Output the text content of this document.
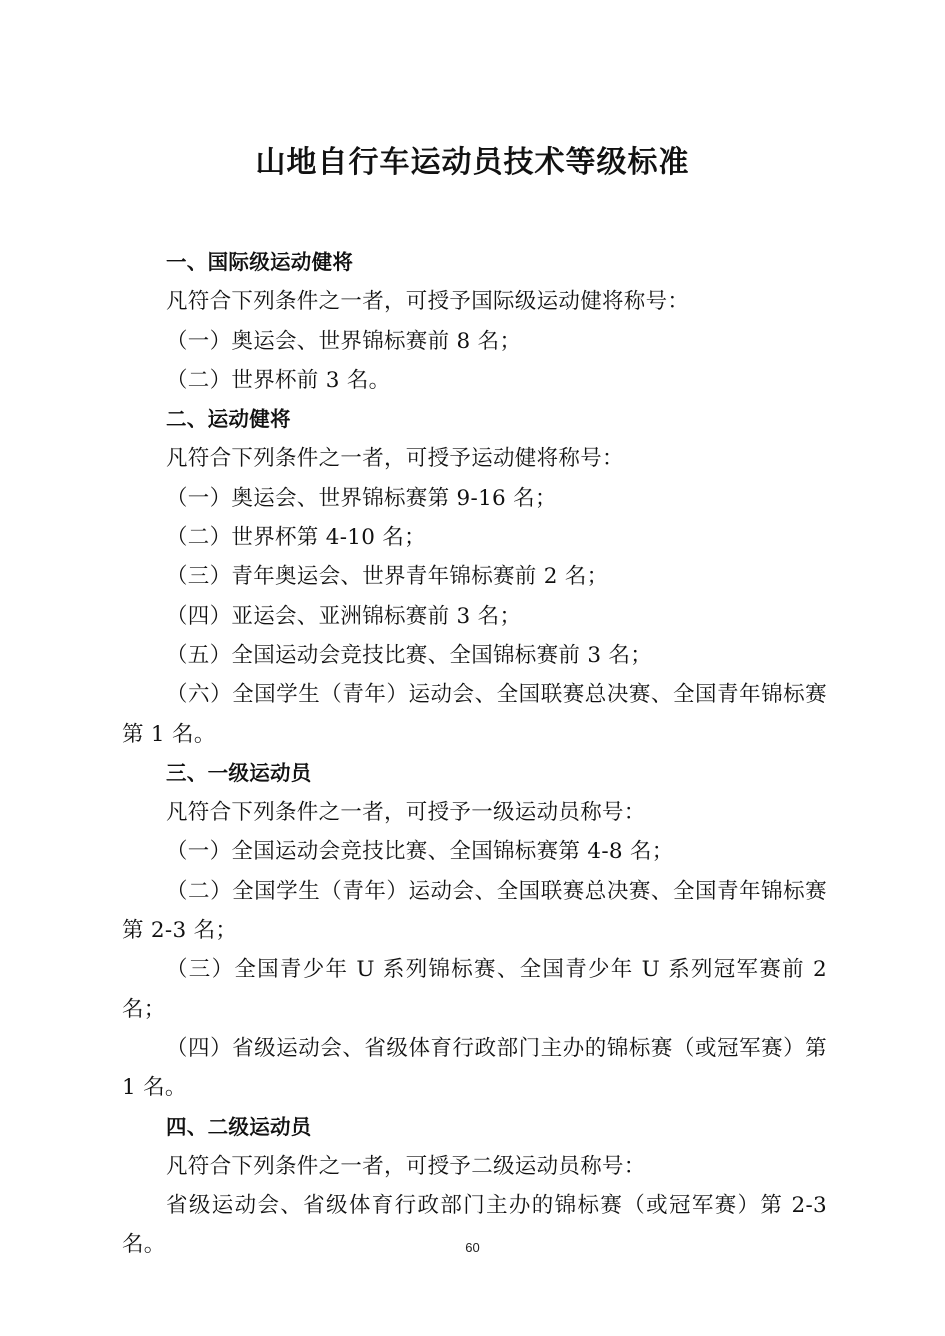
山地自行车运动员技术等级标准

一、国际级运动健将

凡符合下列条件之一者，可授予国际级运动健将称号：

（一）奥运会、世界锦标赛前 8 名；

（二）世界杯前 3 名。

二、运动健将

凡符合下列条件之一者，可授予运动健将称号：

（一）奥运会、世界锦标赛第 9-16 名；

（二）世界杯第 4-10 名；

（三）青年奥运会、世界青年锦标赛前 2 名；

（四）亚运会、亚洲锦标赛前 3 名；

（五）全国运动会竞技比赛、全国锦标赛前 3 名；

（六）全国学生（青年）运动会、全国联赛总决赛、全国青年锦标赛第 1 名。

三、一级运动员

凡符合下列条件之一者，可授予一级运动员称号：

（一）全国运动会竞技比赛、全国锦标赛第 4-8 名；

（二）全国学生（青年）运动会、全国联赛总决赛、全国青年锦标赛第 2-3 名；

（三）全国青少年 U 系列锦标赛、全国青少年 U 系列冠军赛前 2 名；

（四）省级运动会、省级体育行政部门主办的锦标赛（或冠军赛）第 1 名。

四、二级运动员

凡符合下列条件之一者，可授予二级运动员称号：

省级运动会、省级体育行政部门主办的锦标赛（或冠军赛）第 2-3 名。	60
